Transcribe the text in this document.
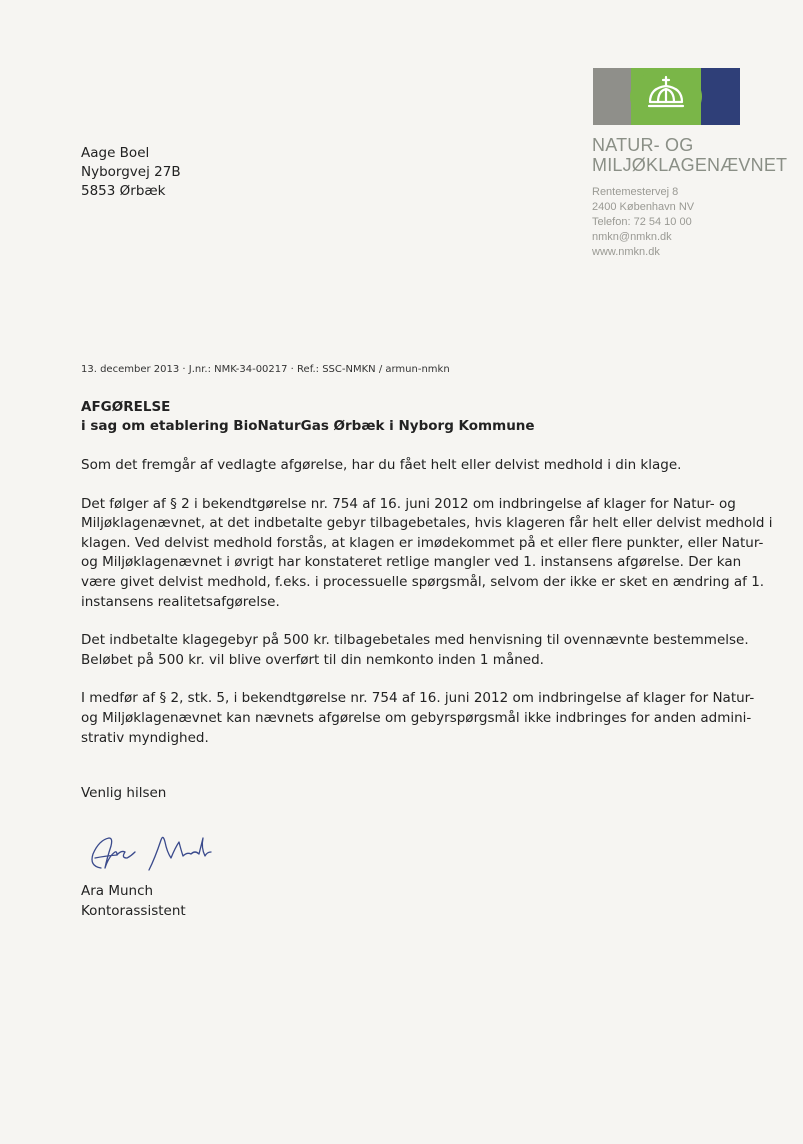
NATUR- OG
MILJØKLAGENÆVNET
Rentemestervej 8
2400 København NV
Telefon: 72 54 10 00
nmkn@nmkn.dk
www.nmkn.dk
Aage Boel
Nyborgvej 27B
5853 Ørbæk
13. december 2013 · J.nr.: NMK-34-00217 · Ref.: SSC-NMKN / armun-nmkn
AFGØRELSE
i sag om etablering BioNaturGas Ørbæk i Nyborg Kommune

Som det fremgår af vedlagte afgørelse, har du fået helt eller delvist medhold i din klage.

Det følger af § 2 i bekendtgørelse nr. 754 af 16. juni 2012 om indbringelse af klager for Natur- og
Miljøklagenævnet, at det indbetalte gebyr tilbagebetales, hvis klageren får helt eller delvist medhold i
klagen. Ved delvist medhold forstås, at klagen er imødekommet på et eller flere punkter, eller Natur-
og Miljøklagenævnet i øvrigt har konstateret retlige mangler ved 1. instansens afgørelse. Der kan
være givet delvist medhold, f.eks. i processuelle spørgsmål, selvom der ikke er sket en ændring af 1.
instansens realitetsafgørelse.

Det indbetalte klagegebyr på 500 kr. tilbagebetales med henvisning til ovennævnte bestemmelse.
Beløbet på 500 kr. vil blive overført til din nemkonto inden 1 måned.

I medfør af § 2, stk. 5, i bekendtgørelse nr. 754 af 16. juni 2012 om indbringelse af klager for Natur-
og Miljøklagenævnet kan nævnets afgørelse om gebyrspørgsmål ikke indbringes for anden admini-
strativ myndighed.

Venlig hilsen
Ara Munch
Kontorassistent
